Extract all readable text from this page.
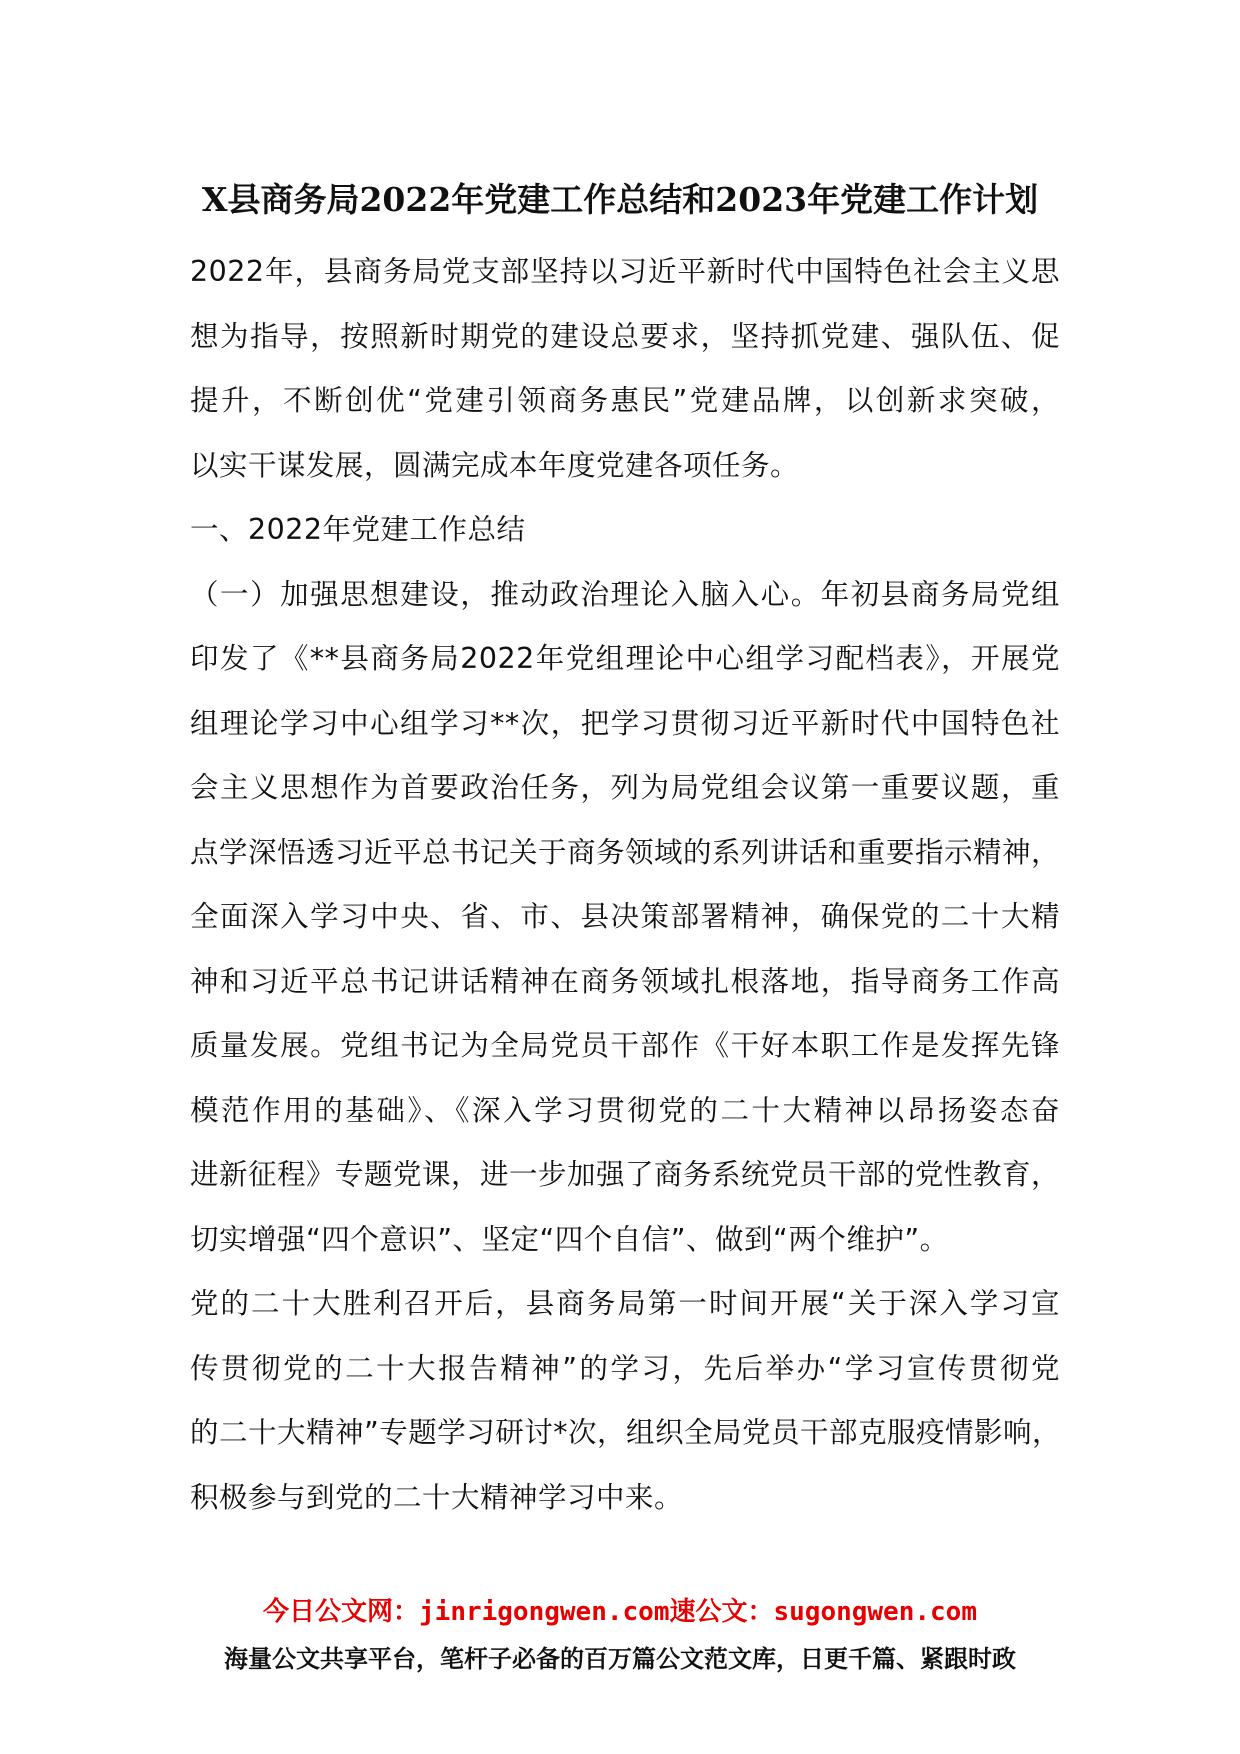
X县商务局2022年党建工作总结和2023年党建工作计划

2022年，县商务局党支部坚持以习近平新时代中国特色社会主义思
想为指导，按照新时期党的建设总要求，坚持抓党建、强队伍、促
提升，不断创优“党建引领商务惠民”党建品牌，以创新求突破，
以实干谋发展，圆满完成本年度党建各项任务。

一、2022年党建工作总结

（一）加强思想建设，推动政治理论入脑入心。年初县商务局党组
印发了《**县商务局2022年党组理论中心组学习配档表》，开展党
组理论学习中心组学习**次，把学习贯彻习近平新时代中国特色社
会主义思想作为首要政治任务，列为局党组会议第一重要议题，重
点学深悟透习近平总书记关于商务领域的系列讲话和重要指示精神，
全面深入学习中央、省、市、县决策部署精神，确保党的二十大精
神和习近平总书记讲话精神在商务领域扎根落地，指导商务工作高
质量发展。党组书记为全局党员干部作《干好本职工作是发挥先锋
模范作用的基础》、《深入学习贯彻党的二十大精神以昂扬姿态奋
进新征程》专题党课，进一步加强了商务系统党员干部的党性教育，
切实增强“四个意识”、坚定“四个自信”、做到“两个维护”。

党的二十大胜利召开后，县商务局第一时间开展“关于深入学习宣
传贯彻党的二十大报告精神”的学习，先后举办“学习宣传贯彻党
的二十大精神”专题学习研讨*次，组织全局党员干部克服疫情影响，
积极参与到党的二十大精神学习中来。

今日公文网：jinrigongwen.com速公文：sugongwen.com
海量公文共享平台，笔杆子必备的百万篇公文范文库，日更千篇、紧跟时政
